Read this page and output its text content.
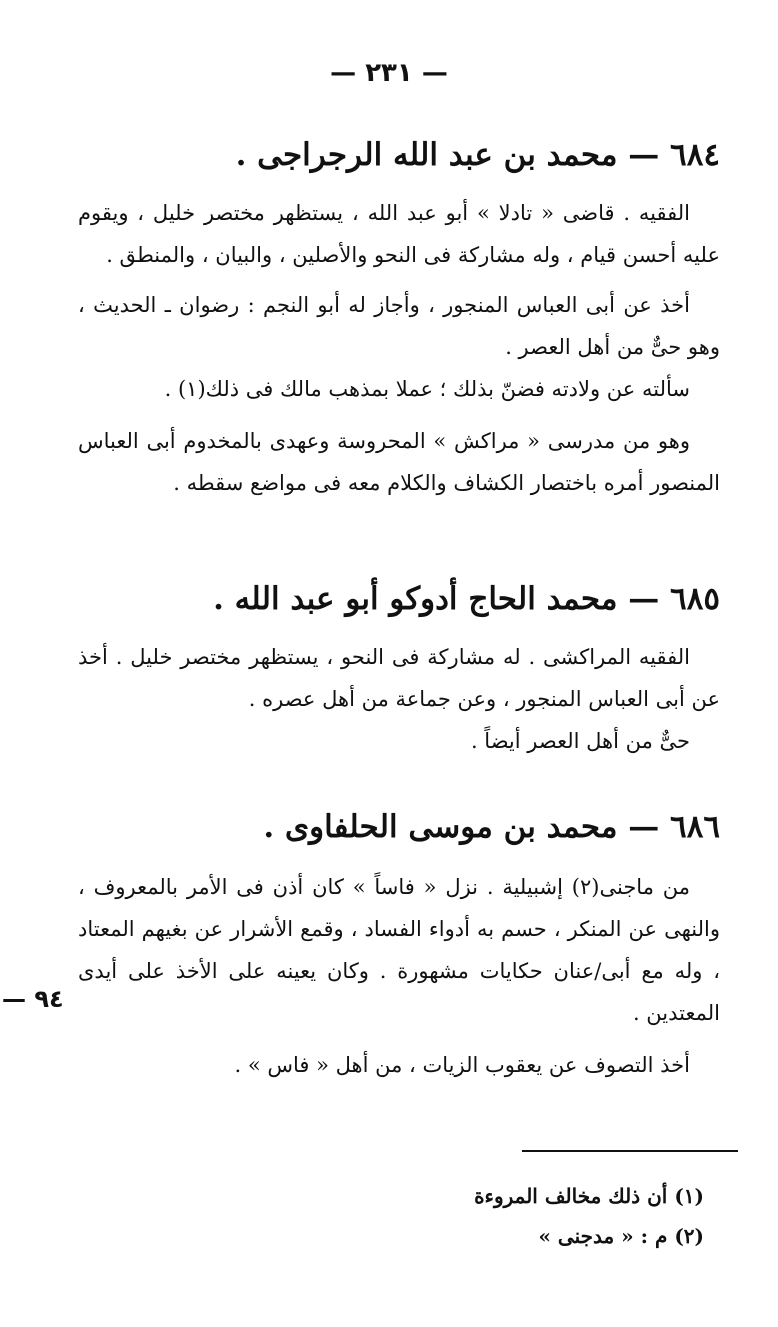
— ٢٣١ —
٦٨٤ — محمد بن عبد الله الرجراجى .

الفقيه . قاضى « تادلا » أبو عبد الله ، يستظهر مختصر خليل ، ويقوم عليه أحسن قيام ، وله مشاركة فى النحو والأصلين ، والبيان ، والمنطق .

أخذ عن أبى العباس المنجور ، وأجاز له أبو النجم : رضوان ـ الحديث ، وهو حىٌّ من أهل العصر .

سألته عن ولادته فضنّ بذلك ؛ عملا بمذهب مالك فى ذلك(١) .

وهو من مدرسى « مراكش » المحروسة وعهدى بالمخدوم أبى العباس المنصور أمره باختصار الكشاف والكلام معه فى مواضع سقطه .

٦٨٥ — محمد الحاج أدوكو أبو عبد الله .

الفقيه المراكشى . له مشاركة فى النحو ، يستظهر مختصر خليل . أخذ عن أبى العباس المنجور ، وعن جماعة من أهل عصره .

حىٌّ من أهل العصر أيضاً .

٦٨٦ — محمد بن موسى الحلفاوى .

من ماجنى(٢) إشبيلية . نزل « فاساً » كان أذن فى الأمر بالمعروف ، والنهى عن المنكر ، حسم به أدواء الفساد ، وقمع الأشرار عن بغيهم المعتاد ، وله مع أبى/عنان حكايات مشهورة . وكان يعينه على الأخذ على أيدى المعتدين .

أخذ التصوف عن يعقوب الزيات ، من أهل « فاس » .

٩٤ —
(١) أن ذلك مخالف المروءة
(٢) م : « مدجنى »
